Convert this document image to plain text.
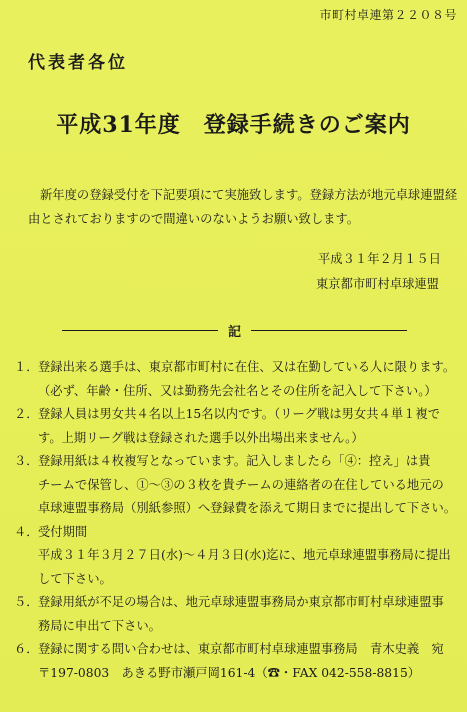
市町村卓連第２２０８号
代表者各位
平成31年度　登録手続きのご案内
新年度の登録受付を下記要項にて実施致します。登録方法が地元卓球連盟経
由とされておりますので間違いのないようお願い致します。
平成３１年２月１５日
東京都市町村卓球連盟
記
１． 登録出来る選手は、東京都市町村に在住、又は在勤している人に限ります。
（必ず、年齢・住所、又は勤務先会社名とその住所を記入して下さい。）
２． 登録人員は男女共４名以上15名以内です。（リーグ戦は男女共４単１複で
す。上期リーグ戦は登録された選手以外出場出来ません。）
３． 登録用紙は４枚複写となっています。記入しましたら「④：控え」は貴
チームで保管し、①～③の３枚を貴チームの連絡者の在住している地元の
卓球連盟事務局（別紙参照）へ登録費を添えて期日までに提出して下さい。
４． 受付期間
平成３１年３月２７日(水)～４月３日(水)迄に、地元卓球連盟事務局に提出
して下さい。
５． 登録用紙が不足の場合は、地元卓球連盟事務局か東京都市町村卓球連盟事
務局に申出て下さい。
６． 登録に関する問い合わせは、東京都市町村卓球連盟事務局　青木史義　宛
〒197-0803　あきる野市瀬戸岡161-4（☎・FAX 042-558-8815）
